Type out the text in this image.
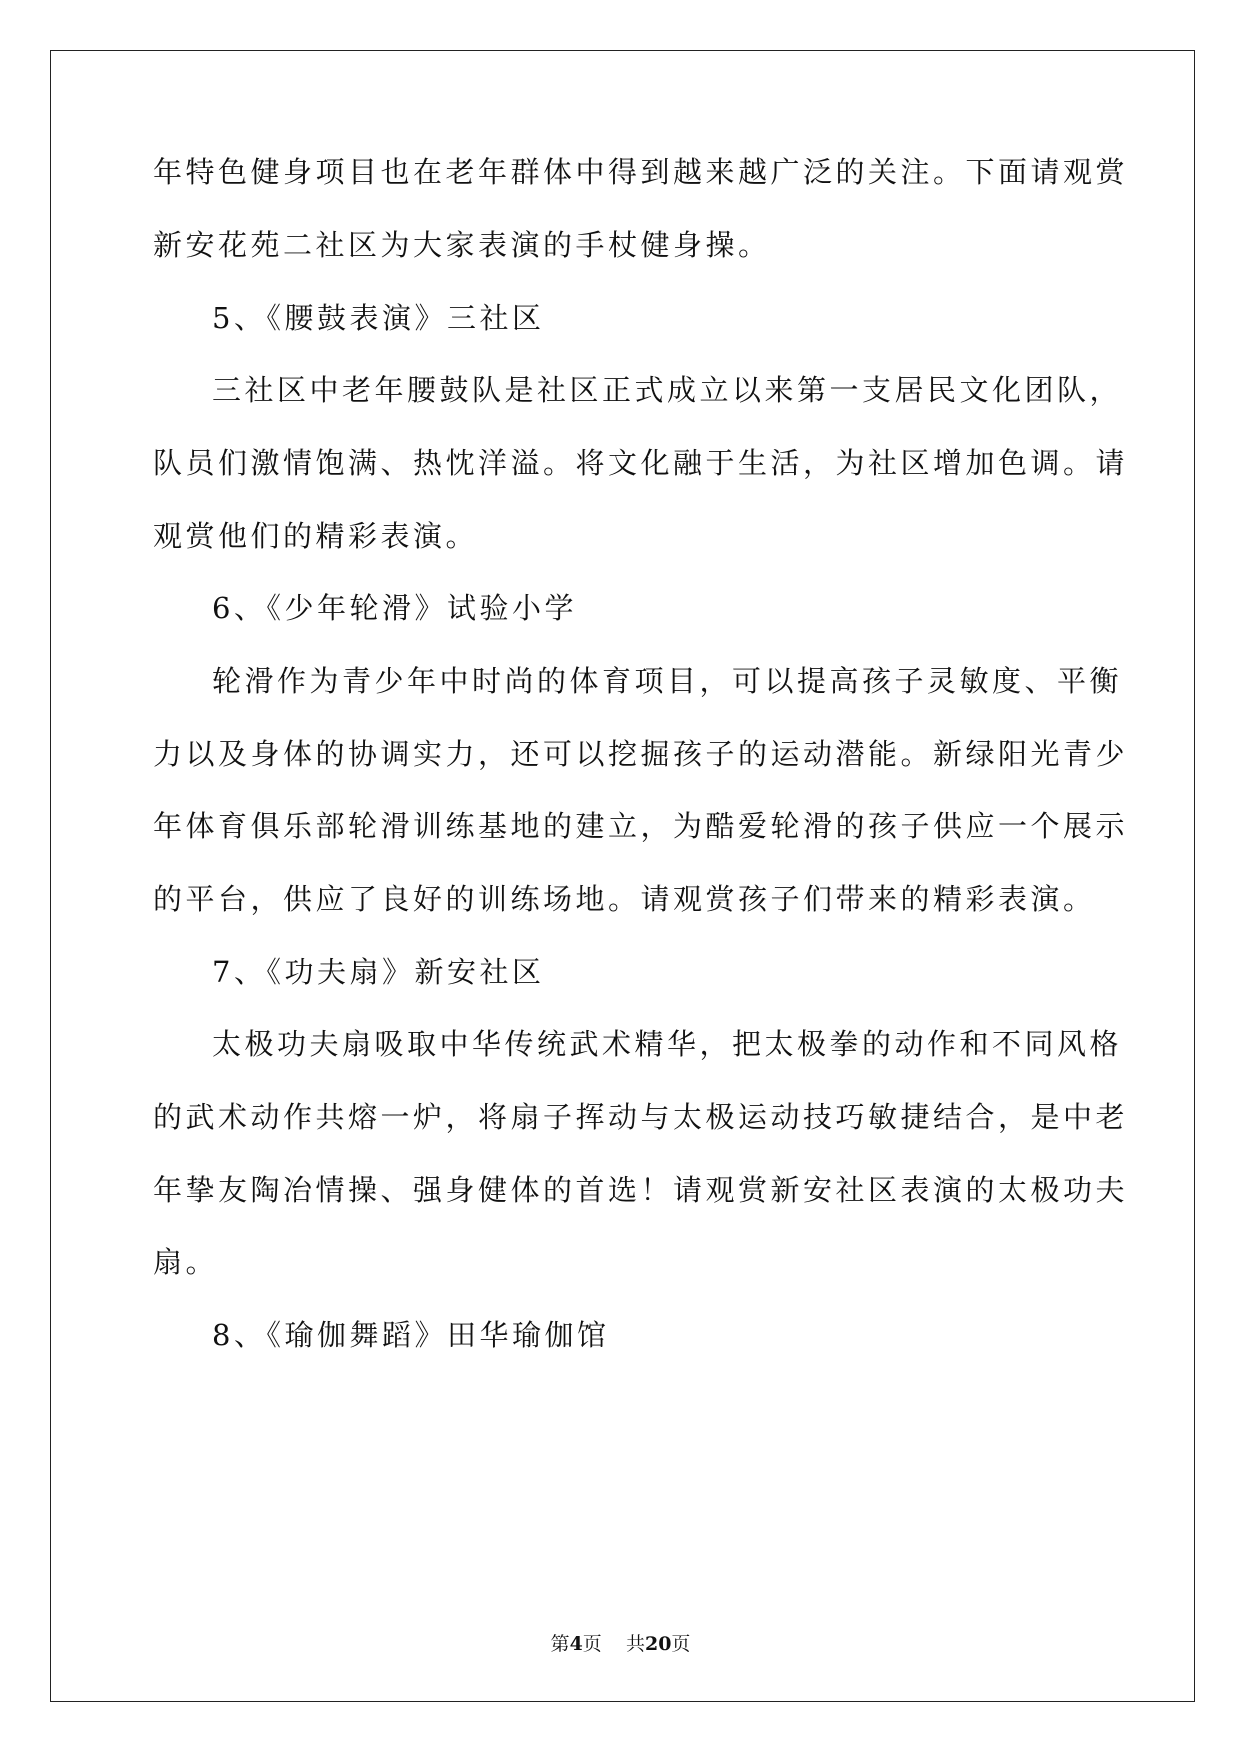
年特色健身项目也在老年群体中得到越来越广泛的关注。下面请观赏
新安花苑二社区为大家表演的手杖健身操。
5、《腰鼓表演》三社区
三社区中老年腰鼓队是社区正式成立以来第一支居民文化团队，
队员们激情饱满、热忱洋溢。将文化融于生活，为社区增加色调。请
观赏他们的精彩表演。
6、《少年轮滑》试验小学
轮滑作为青少年中时尚的体育项目，可以提高孩子灵敏度、平衡
力以及身体的协调实力，还可以挖掘孩子的运动潜能。新绿阳光青少
年体育俱乐部轮滑训练基地的建立，为酷爱轮滑的孩子供应一个展示
的平台，供应了良好的训练场地。请观赏孩子们带来的精彩表演。
7、《功夫扇》新安社区
太极功夫扇吸取中华传统武术精华，把太极拳的动作和不同风格
的武术动作共熔一炉，将扇子挥动与太极运动技巧敏捷结合，是中老
年挚友陶冶情操、强身健体的首选！请观赏新安社区表演的太极功夫
扇。
8、《瑜伽舞蹈》田华瑜伽馆
第4页    共20页
